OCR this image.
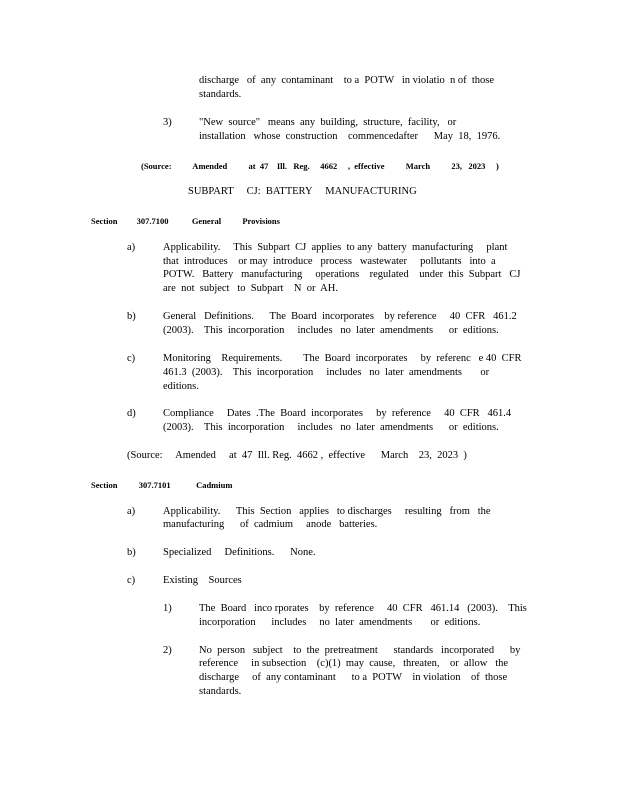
discharge   of  any  contaminant    to a  POTW   in violatio  n of  those
standards.
3)	"New  source"   means  any  building,  structure,  facility,   or
installation   whose  construction    commencedafter      May  18,  1976.
(Source:          Amended          at  47    Ill.   Reg.     4662     ,  effective          March          23,   2023     )
SUBPART     CJ:  BATTERY     MANUFACTURING
Section         307.7100           General          Provisions
a)	Applicability.     This  Subpart  CJ  applies  to any  battery  manufacturing     plant
that  introduces    or may  introduce   process   wastewater     pollutants   into  a
POTW.   Battery   manufacturing     operations    regulated    under  this  Subpart   CJ
are  not  subject   to  Subpart    N  or  AH.
b)	General   Definitions.      The  Board  incorporates    by reference     40  CFR   461.2
(2003).    This  incorporation     includes   no  later  amendments      or  editions.
c)	Monitoring    Requirements.        The  Board  incorporates     by  referenc   e 40  CFR
461.3  (2003).    This  incorporation     includes   no  later  amendments       or
editions.
d)	Compliance     Dates  .The  Board  incorporates     by  reference     40  CFR   461.4
(2003).    This  incorporation     includes   no  later  amendments      or  editions.
(Source:     Amended     at  47  Ill. Reg.  4662 ,  effective      March    23,  2023  )
Section          307.7101            Cadmium
a)	Applicability.      This  Section   applies   to discharges     resulting   from   the
manufacturing      of  cadmium     anode   batteries.
b)	Specialized     Definitions.      None.
c)	Existing    Sources
1)	The  Board   inco rporates    by  reference     40  CFR   461.14   (2003).    This
incorporation      includes     no  later  amendments       or  editions.
2)	No  person   subject    to  the  pretreatment      standards   incorporated      by
reference     in subsection    (c)(1)  may  cause,   threaten,    or  allow   the
discharge     of  any contaminant      to a  POTW    in violation    of  those
standards.
